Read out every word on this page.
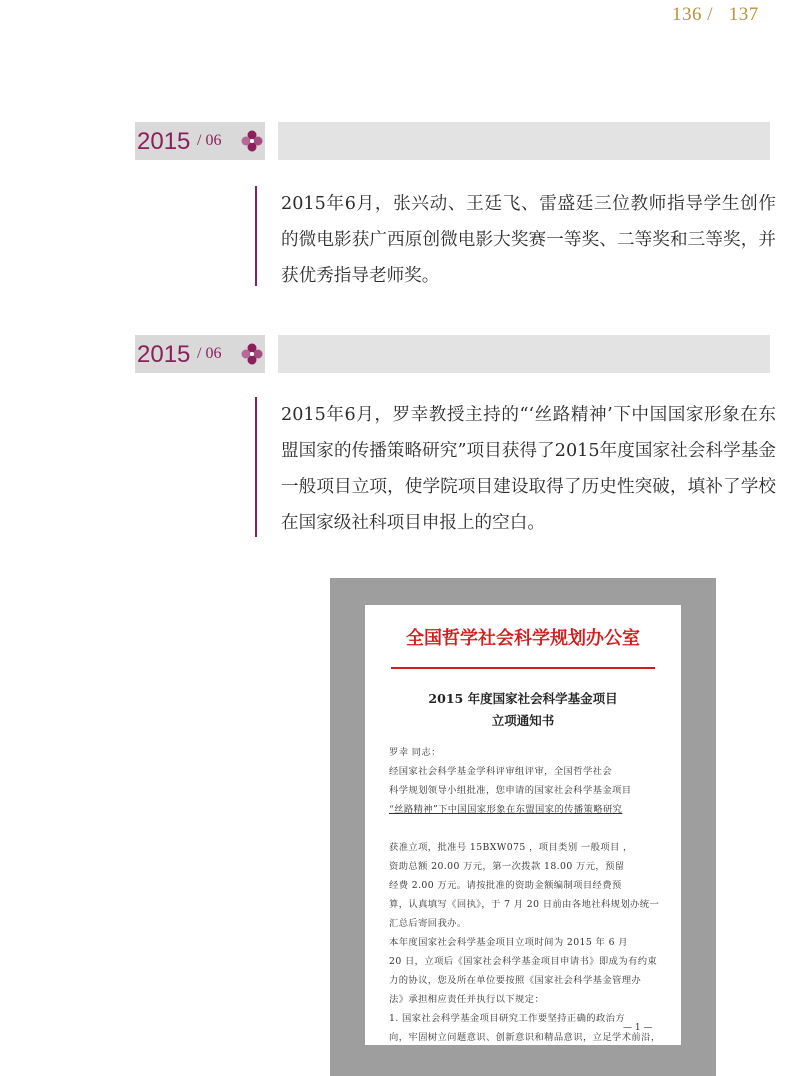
136 /   137
2015 / 06

2015年6月，张兴动、王廷飞、雷盛廷三位教师指导学生创作的微电影获广西原创微电影大奖赛一等奖、二等奖和三等奖，并获优秀指导老师奖。

2015 / 06

2015年6月，罗幸教授主持的“‘丝路精神’下中国国家形象在东盟国家的传播策略研究”项目获得了2015年度国家社会科学基金一般项目立项，使学院项目建设取得了历史性突破，填补了学校在国家级社科项目申报上的空白。

全国哲学社会科学规划办公室
2015 年度国家社会科学基金项目
立项通知书
罗幸 同志：
经国家社会科学基金学科评审组评审，全国哲学社会
科学规划领导小组批准，您申请的国家社会科学基金项目
“丝路精神”下中国国家形象在东盟国家的传播策略研究
获准立项，批准号 15BXW075 ，项目类别 一般项目 ，
资助总额 20.00 万元，第一次拨款 18.00 万元，预留
经费 2.00 万元。请按批准的资助金额编制项目经费预
算，认真填写《回执》，于 7 月 20 日前由各地社科规划办统一
汇总后寄回我办。
本年度国家社会科学基金项目立项时间为 2015 年 6 月
20 日，立项后《国家社会科学基金项目申请书》即成为有约束
力的协议，您及所在单位要按照《国家社会科学基金管理办
法》承担相应责任并执行以下规定：
1. 国家社会科学基金项目研究工作要坚持正确的政治方
向，牢固树立问题意识、创新意识和精品意识，立足学术前沿，
— 1 —
